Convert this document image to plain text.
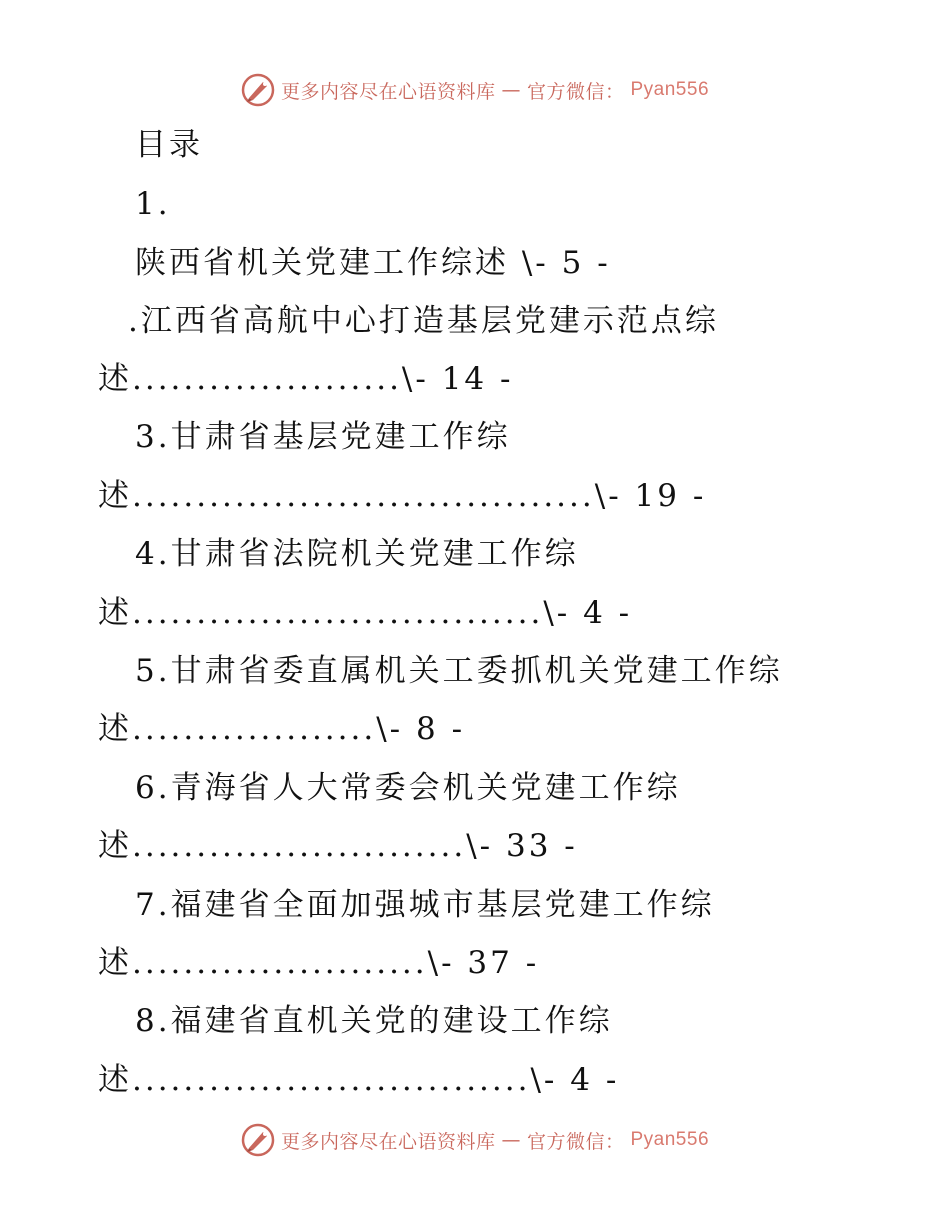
更多内容尽在心语资料库 — 官方微信： Pyan556
目录
1.
陕西省机关党建工作综述 \- 5 -
.江西省高航中心打造基层党建示范点综
述.....................\- 14 -
3.甘肃省基层党建工作综
述....................................\- 19 -
4.甘肃省法院机关党建工作综
述................................\- 4 -
5.甘肃省委直属机关工委抓机关党建工作综
述...................\- 8 -
6.青海省人大常委会机关党建工作综
述..........................\- 33 -
7.福建省全面加强城市基层党建工作综
述.......................\- 37 -
8.福建省直机关党的建设工作综
述...............................\- 4 -
更多内容尽在心语资料库 — 官方微信： Pyan556
